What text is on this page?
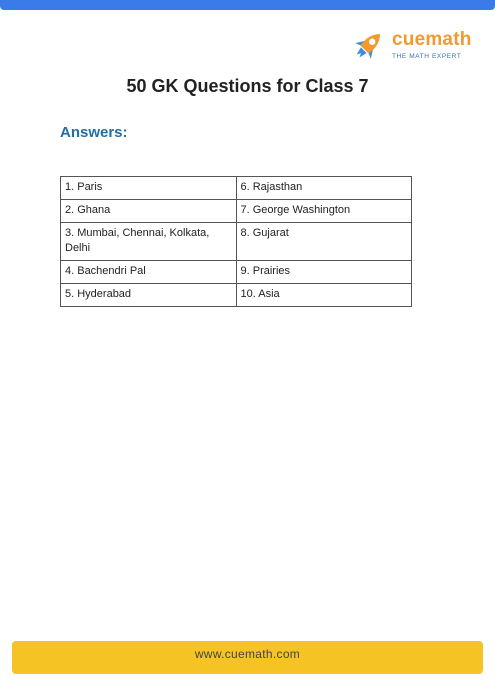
cuemath
THE MATH EXPERT
50 GK Questions for Class 7
Answers:
1. Paris	6. Rajasthan
2. Ghana	7. George Washington
3. Mumbai, Chennai, Kolkata, Delhi	8. Gujarat
4. Bachendri Pal	9. Prairies
5. Hyderabad	10. Asia
www.cuemath.com
